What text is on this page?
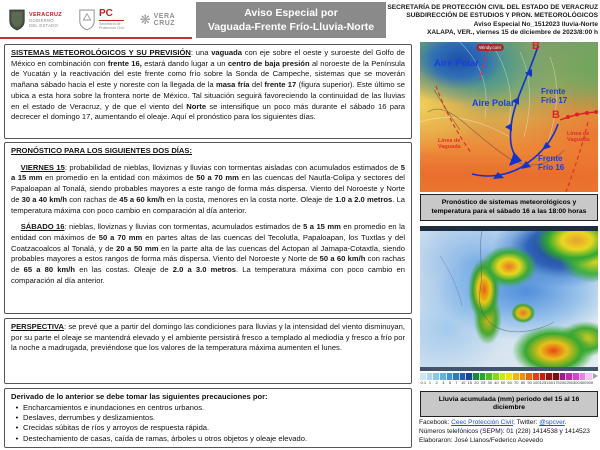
VERACRUZ
GOBIERNO
DEL ESTADO
PC
Secretaría de
Protección Civil
❋ VERA
CRUZ
Aviso Especial por
Vaguada-Frente Frío-Lluvia-Norte
SECRETARÍA DE PROTECCIÓN CIVIL DEL ESTADO DE VERACRUZ
SUBDIRECCIÓN DE ESTUDIOS Y PRON. METEOROLÓGICOS
Aviso Especial No_1512023 lluvia-Norte
XALAPA, VER., viernes 15 de diciembre de 2023/8:00 h
SISTEMAS METEOROLÓGICOS Y SU PREVISIÓN: una vaguada con eje sobre el oeste y suroeste del Golfo de México en combinación con frente 16, estará dando lugar a un centro de baja presión al noroeste de la Península de Yucatán y la reactivación del este frente como frío sobre la Sonda de Campeche, sistemas que se moverán mañana sábado hacia el este y noreste con la llegada de la masa fría del frente 17 (figura superior). Este último se ubica a esta hora sobre la frontera norte de México. Tal situación seguirá favoreciendo la continuidad de las lluvias en el estado de Veracruz, y de que el viento del Norte se intensifique un poco más durante el sábado 16 para decrecer el domingo 17, aumentando el oleaje. Aquí el pronóstico para los siguientes días.
PRONÓSTICO PARA LOS SIGUIENTES DOS DÍAS:
VIERNES 15: probabilidad de nieblas, lloviznas y lluvias con tormentas aisladas con acumulados estimados de 5 a 15 mm en promedio en la entidad con máximos de 50 a 70 mm en las cuencas del Nautla-Colipa y sectores del Papaloapan al Tonalá, siendo probables mayores a este rango de forma más dispersa. Viento del Noroeste y Norte de 30 a 40 km/h con rachas de 45 a 60 km/h en la costa, menores en la costa norte. Oleaje de 1.0 a 2.0 metros. La temperatura máxima con poco cambio en comparación al día anterior.
SÁBADO 16: nieblas, lloviznas y lluvias con tormentas, acumulados estimados de 5 a 15 mm en promedio en la entidad con máximos de 50 a 70 mm en partes altas de las cuencas del Tecolutla, Papaloapan, los Tuxtlas y del Coatzacoalcos al Tonalá, y de 20 a 50 mm en la parte alta de las cuencas del Actopan al Jamapa-Cotaxtla, siendo probables mayores a estos rangos de forma más dispersa. Viento del Noroeste y Norte de 50 a 60 km/h con rachas de 65 a 80 km/h en las costas. Oleaje de 2.0 a 3.0 metros. La temperatura máxima con poco cambio en comparación al día anterior.
PERSPECTIVA: se prevé que a partir del domingo las condiciones para lluvias y la intensidad del viento disminuyan, por su parte el oleaje se mantendrá elevado y el ambiente persistirá fresco a templado al mediodía y fresco a frío por la noche a madrugada, previéndose que los valores de la temperatura máxima aumenten el lunes.
Derivado de lo anterior se debe tomar las siguientes precauciones por:
• Encharcamientos e inundaciones en centros urbanos.
• Deslaves, derrumbes y deslizamientos.
• Crecidas súbitas de ríos y arroyos de respuesta rápida.
• Destechamiento de casas, caída de ramas, árboles u otros objetos y oleaje elevado.
Windy.com	B
B
Aire Polar
Aire Polar
Frente
Frío 17
Frente
Frío 16
Línea de
Vaguada
Línea de
Vaguada
Pronóstico de sistemas meteorológicos y temperatura para el sábado 16 a las 18:00 horas
0.1 1	2	3	5	7 10 15 20 25 30 40 50 60 70 80 90 100 125 150 175 200 250 300 400 500
Lluvia acumulada (mm) periodo del 15 al 16 diciembre
Facebook: Ceec Protección Civil; Twitter: @spcver.
Números telefónicos (SEPM): 01 (228) 1414538 y 1414523
Elaboraron: José Llanos/Federico Acevedo
